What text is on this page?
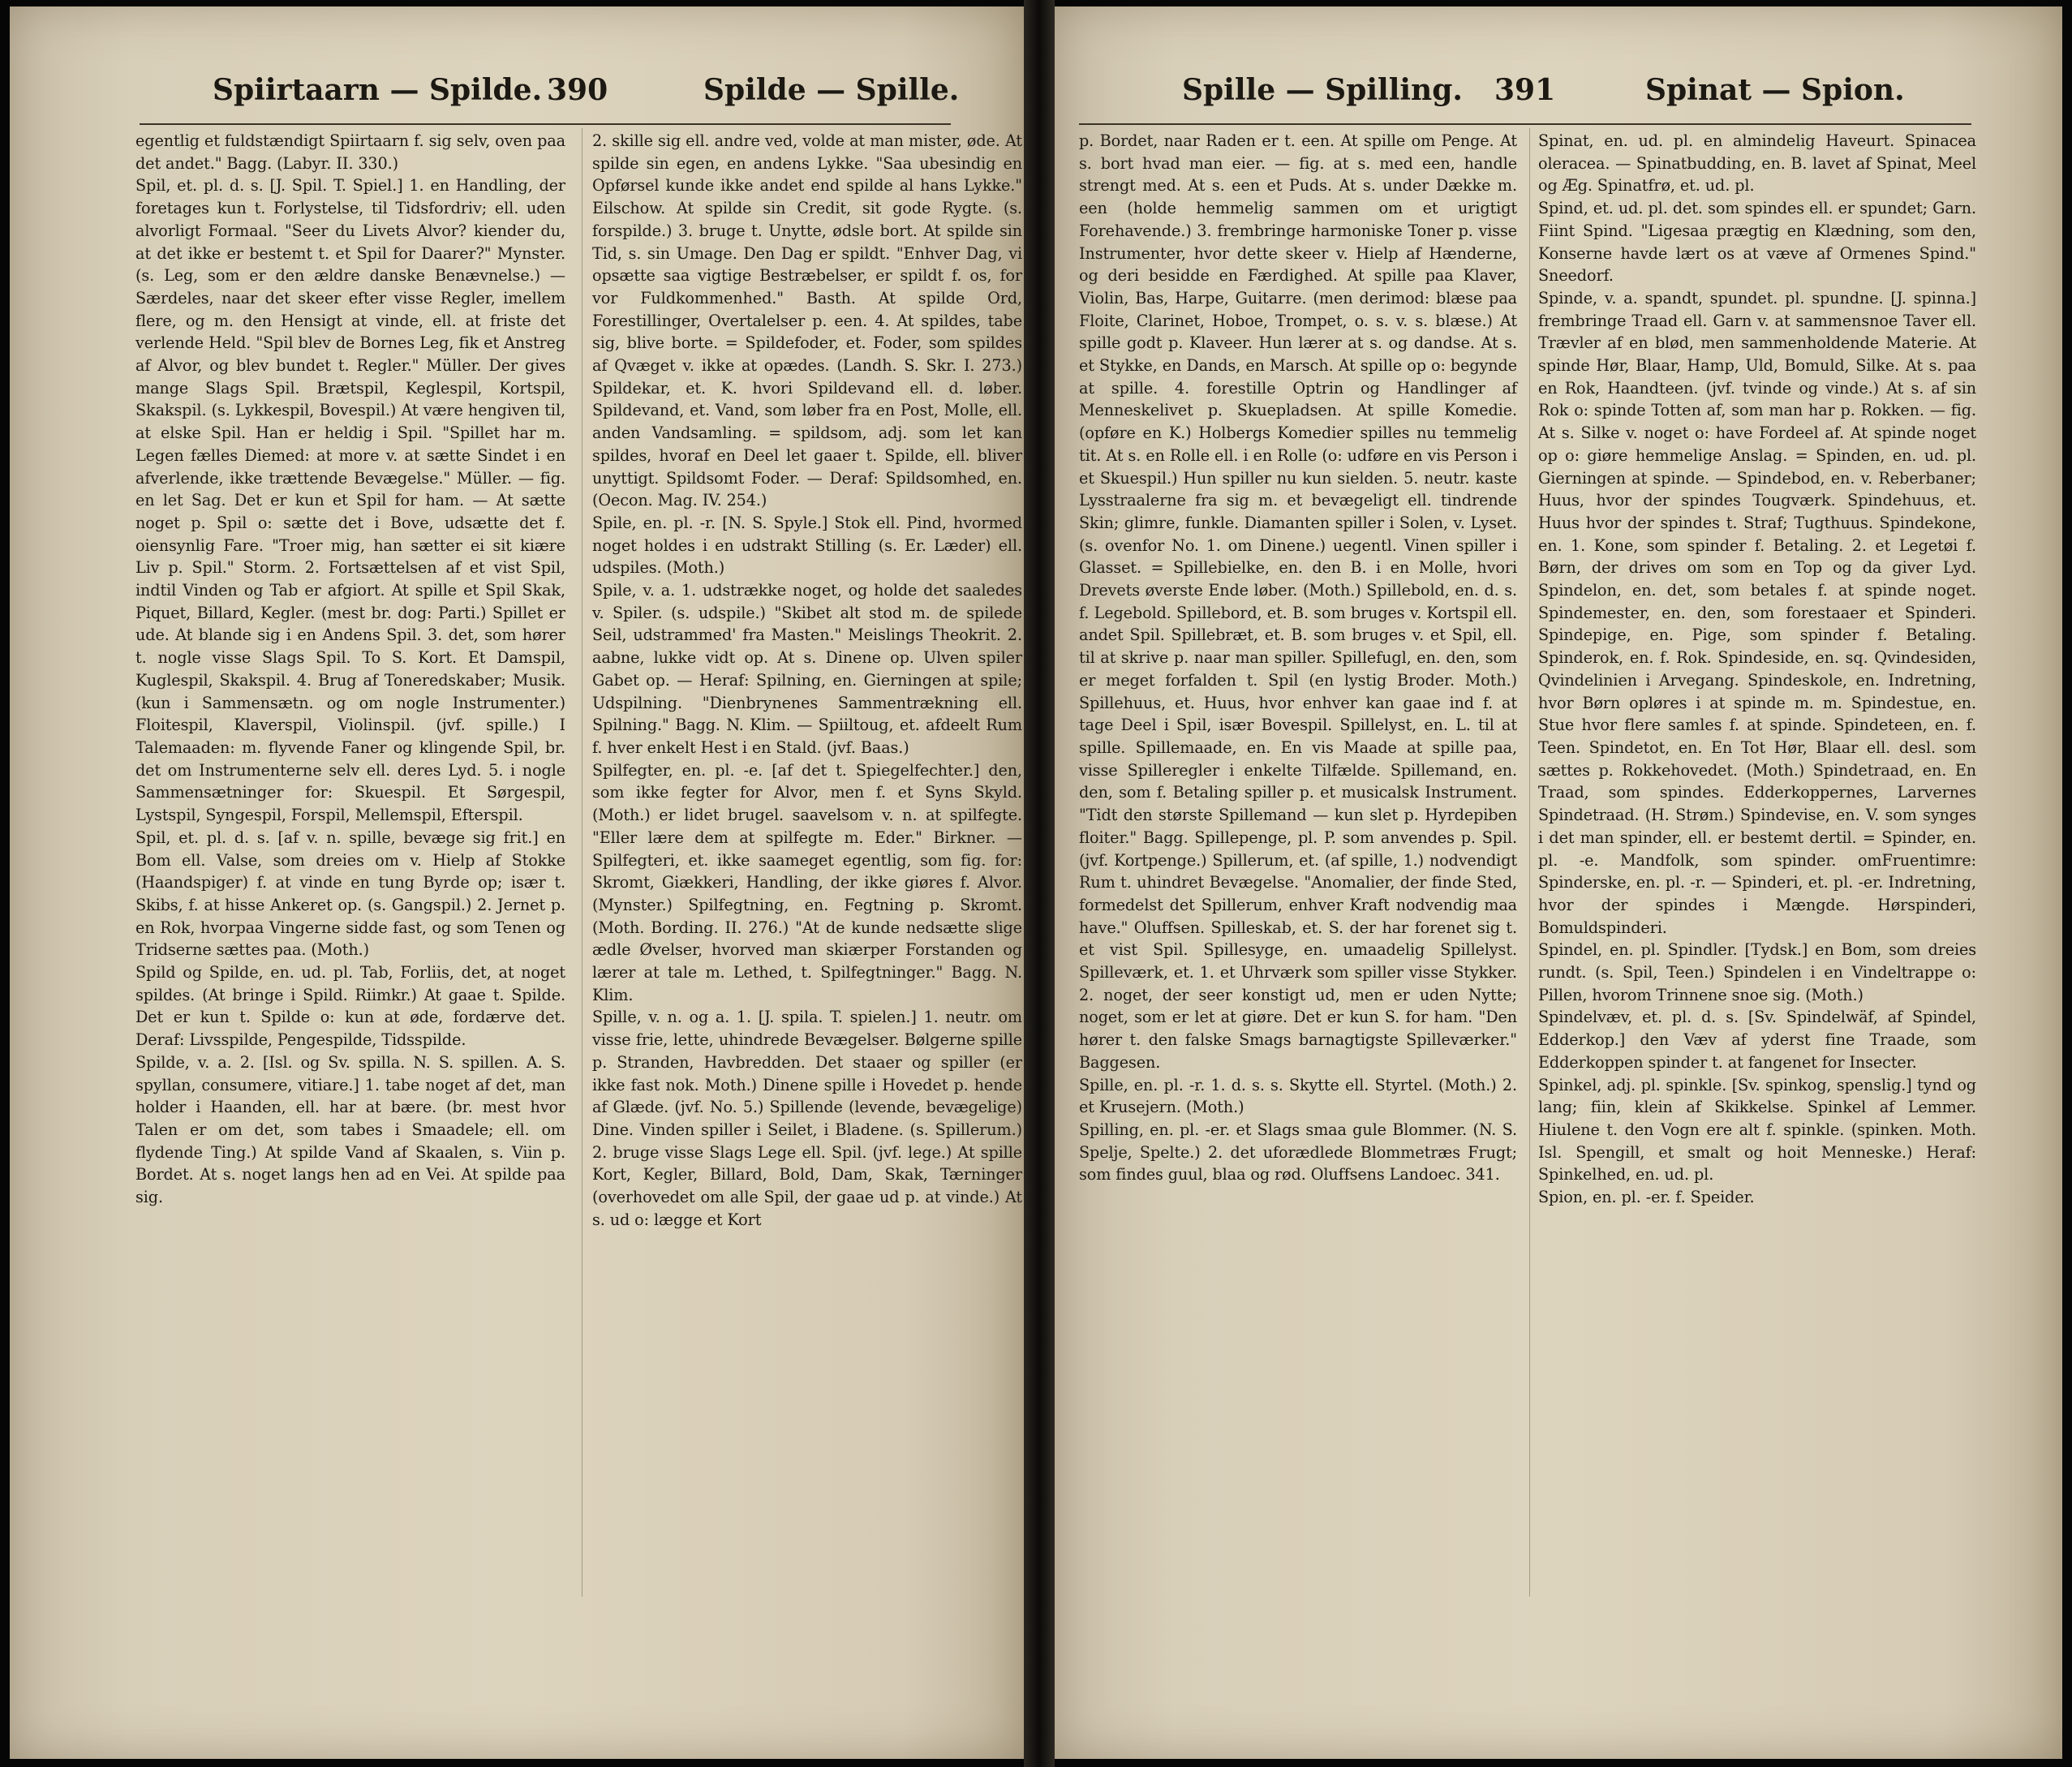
Spiirtaarn — Spilde. 390	Spilde — Spille.
egentlig et fuldstændigt Spiirtaarn f. sig selv, oven paa det andet." Bagg. (Labyr. II. 330.)
Spil, et. pl. d. s. [J. Spil. T. Spiel.] 1. en Handling, der foretages kun t. Forlystelse, til Tidsfordriv; ell. uden alvorligt Formaal. "Seer du Livets Alvor? kiender du, at det ikke er bestemt t. et Spil for Daarer?" Mynster. (s. Leg, som er den ældre danske Benævnelse.) — Særdeles, naar det skeer efter visse Regler, imellem flere, og m. den Hensigt at vinde, ell. at friste det verlende Held. "Spil blev de Bornes Leg, fik et Anstreg af Alvor, og blev bundet t. Regler." Müller. Der gives mange Slags Spil. Brætspil, Keglespil, Kortspil, Skakspil. (s. Lykkespil, Bovespil.) At være hengiven til, at elske Spil. Han er heldig i Spil. "Spillet har m. Legen fælles Diemed: at more v. at sætte Sindet i en afverlende, ikke trættende Bevægelse." Müller. — fig. en let Sag. Det er kun et Spil for ham. — At sætte noget p. Spil o: sætte det i Bove, udsætte det f. oiensynlig Fare. "Troer mig, han sætter ei sit kiære Liv p. Spil." Storm. 2. Fortsættelsen af et vist Spil, indtil Vinden og Tab er afgiort. At spille et Spil Skak, Piquet, Billard, Kegler. (mest br. dog: Parti.) Spillet er ude. At blande sig i en Andens Spil. 3. det, som hører t. nogle visse Slags Spil. To S. Kort. Et Damspil, Kuglespil, Skakspil. 4. Brug af Toneredskaber; Musik. (kun i Sammensætn. og om nogle Instrumenter.) Floitespil, Klaverspil, Violinspil. (jvf. spille.) I Talemaaden: m. flyvende Faner og klingende Spil, br. det om Instrumenterne selv ell. deres Lyd. 5. i nogle Sammensætninger for: Skuespil. Et Sørgespil, Lystspil, Syngespil, Forspil, Mellemspil, Efterspil.
Spil, et. pl. d. s. [af v. n. spille, bevæge sig frit.] en Bom ell. Valse, som dreies om v. Hielp af Stokke (Haandspiger) f. at vinde en tung Byrde op; især t. Skibs, f. at hisse Ankeret op. (s. Gangspil.) 2. Jernet p. en Rok, hvorpaa Vingerne sidde fast, og som Tenen og Tridserne sættes paa. (Moth.)
Spild og Spilde, en. ud. pl. Tab, Forliis, det, at noget spildes. (At bringe i Spild. Riimkr.) At gaae t. Spilde. Det er kun t. Spilde o: kun at øde, fordærve det. Deraf: Livsspilde, Pengespilde, Tidsspilde.
Spilde, v. a. 2. [Isl. og Sv. spilla. N. S. spillen. A. S. spyllan, consumere, vitiare.] 1. tabe noget af det, man holder i Haanden, ell. har at bære. (br. mest hvor Talen er om det, som tabes i Smaadele; ell. om flydende Ting.) At spilde Vand af Skaalen, s. Viin p. Bordet. At s. noget langs hen ad en Vei. At spilde paa sig.
2. skille sig ell. andre ved, volde at man mister, øde. At spilde sin egen, en andens Lykke. "Saa ubesindig en Opførsel kunde ikke andet end spilde al hans Lykke." Eilschow. At spilde sin Credit, sit gode Rygte. (s. forspilde.) 3. bruge t. Unytte, ødsle bort. At spilde sin Tid, s. sin Umage. Den Dag er spildt. "Enhver Dag, vi opsætte saa vigtige Bestræbelser, er spildt f. os, for vor Fuldkommenhed." Basth. At spilde Ord, Forestillinger, Overtalelser p. een. 4. At spildes, tabe sig, blive borte. = Spildefoder, et. Foder, som spildes af Qvæget v. ikke at opædes. (Landh. S. Skr. I. 273.) Spildekar, et. K. hvori Spildevand ell. d. løber. Spildevand, et. Vand, som løber fra en Post, Molle, ell. anden Vandsamling. = spildsom, adj. som let kan spildes, hvoraf en Deel let gaaer t. Spilde, ell. bliver unyttigt. Spildsomt Foder. — Deraf: Spildsomhed, en. (Oecon. Mag. IV. 254.)
Spile, en. pl. -r. [N. S. Spyle.] Stok ell. Pind, hvormed noget holdes i en udstrakt Stilling (s. Er. Læder) ell. udspiles. (Moth.)
Spile, v. a. 1. udstrække noget, og holde det saaledes v. Spiler. (s. udspile.) "Skibet alt stod m. de spilede Seil, udstrammed' fra Masten." Meislings Theokrit. 2. aabne, lukke vidt op. At s. Dinene op. Ulven spiler Gabet op. — Heraf: Spilning, en. Gierningen at spile; Udspilning. "Dienbrynenes Sammentrækning ell. Spilning." Bagg. N. Klim. — Spiiltoug, et. afdeelt Rum f. hver enkelt Hest i en Stald. (jvf. Baas.)
Spilfegter, en. pl. -e. [af det t. Spiegelfechter.] den, som ikke fegter for Alvor, men f. et Syns Skyld. (Moth.) er lidet brugel. saavelsom v. n. at spilfegte. "Eller lære dem at spilfegte m. Eder." Birkner. — Spilfegteri, et. ikke saameget egentlig, som fig. for: Skromt, Giækkeri, Handling, der ikke giøres f. Alvor. (Mynster.) Spilfegtning, en. Fegtning p. Skromt. (Moth. Bording. II. 276.) "At de kunde nedsætte slige ædle Øvelser, hvorved man skiærper Forstanden og lærer at tale m. Lethed, t. Spilfegtninger." Bagg. N. Klim.
Spille, v. n. og a. 1. [J. spila. T. spielen.] 1. neutr. om visse frie, lette, uhindrede Bevægelser. Bølgerne spille p. Stranden, Havbredden. Det staaer og spiller (er ikke fast nok. Moth.) Dinene spille i Hovedet p. hende af Glæde. (jvf. No. 5.) Spillende (levende, bevægelige) Dine. Vinden spiller i Seilet, i Bladene. (s. Spillerum.) 2. bruge visse Slags Lege ell. Spil. (jvf. lege.) At spille Kort, Kegler, Billard, Bold, Dam, Skak, Tærninger (overhovedet om alle Spil, der gaae ud p. at vinde.) At s. ud o: lægge et Kort
Spille — Spilling. 391	Spinat — Spion.
p. Bordet, naar Raden er t. een. At spille om Penge. At s. bort hvad man eier. — fig. at s. med een, handle strengt med. At s. een et Puds. At s. under Dække m. een (holde hemmelig sammen om et urigtigt Forehavende.) 3. frembringe harmoniske Toner p. visse Instrumenter, hvor dette skeer v. Hielp af Hænderne, og deri besidde en Færdighed. At spille paa Klaver, Violin, Bas, Harpe, Guitarre. (men derimod: blæse paa Floite, Clarinet, Hoboe, Trompet, o. s. v. s. blæse.) At spille godt p. Klaveer. Hun lærer at s. og dandse. At s. et Stykke, en Dands, en Marsch. At spille op o: begynde at spille. 4. forestille Optrin og Handlinger af Menneskelivet p. Skuepladsen. At spille Komedie. (opføre en K.) Holbergs Komedier spilles nu temmelig tit. At s. en Rolle ell. i en Rolle (o: udføre en vis Person i et Skuespil.) Hun spiller nu kun sielden. 5. neutr. kaste Lysstraalerne fra sig m. et bevægeligt ell. tindrende Skin; glimre, funkle. Diamanten spiller i Solen, v. Lyset. (s. ovenfor No. 1. om Dinene.) uegentl. Vinen spiller i Glasset. = Spillebielke, en. den B. i en Molle, hvori Drevets øverste Ende løber. (Moth.) Spillebold, en. d. s. f. Legebold. Spillebord, et. B. som bruges v. Kortspil ell. andet Spil. Spillebræt, et. B. som bruges v. et Spil, ell. til at skrive p. naar man spiller. Spillefugl, en. den, som er meget forfalden t. Spil (en lystig Broder. Moth.) Spillehuus, et. Huus, hvor enhver kan gaae ind f. at tage Deel i Spil, især Bovespil. Spillelyst, en. L. til at spille. Spillemaade, en. En vis Maade at spille paa, visse Spilleregler i enkelte Tilfælde. Spillemand, en. den, som f. Betaling spiller p. et musicalsk Instrument. "Tidt den største Spillemand — kun slet p. Hyrdepiben floiter." Bagg. Spillepenge, pl. P. som anvendes p. Spil. (jvf. Kortpenge.) Spillerum, et. (af spille, 1.) nodvendigt Rum t. uhindret Bevægelse. "Anomalier, der finde Sted, formedelst det Spillerum, enhver Kraft nodvendig maa have." Oluffsen. Spilleskab, et. S. der har forenet sig t. et vist Spil. Spillesyge, en. umaadelig Spillelyst. Spilleværk, et. 1. et Uhrværk som spiller visse Stykker. 2. noget, der seer konstigt ud, men er uden Nytte; noget, som er let at giøre. Det er kun S. for ham. "Den hører t. den falske Smags barnagtigste Spilleværker." Baggesen.
Spille, en. pl. -r. 1. d. s. s. Skytte ell. Styrtel. (Moth.) 2. et Krusejern. (Moth.)
Spilling, en. pl. -er. et Slags smaa gule Blommer. (N. S. Spelje, Spelte.) 2. det uforædlede Blommetræs Frugt; som findes guul, blaa og rød. Oluffsens Landoec. 341.
Spinat, en. ud. pl. en almindelig Haveurt. Spinacea oleracea. — Spinatbudding, en. B. lavet af Spinat, Meel og Æg. Spinatfrø, et. ud. pl.
Spind, et. ud. pl. det. som spindes ell. er spundet; Garn. Fiint Spind. "Ligesaa prægtig en Klædning, som den, Konserne havde lært os at væve af Ormenes Spind." Sneedorf.
Spinde, v. a. spandt, spundet. pl. spundne. [J. spinna.] frembringe Traad ell. Garn v. at sammensnoe Taver ell. Trævler af en blød, men sammenholdende Materie. At spinde Hør, Blaar, Hamp, Uld, Bomuld, Silke. At s. paa en Rok, Haandteen. (jvf. tvinde og vinde.) At s. af sin Rok o: spinde Totten af, som man har p. Rokken. — fig. At s. Silke v. noget o: have Fordeel af. At spinde noget op o: giøre hemmelige Anslag. = Spinden, en. ud. pl. Gierningen at spinde. — Spindebod, en. v. Reberbaner; Huus, hvor der spindes Tougværk. Spindehuus, et. Huus hvor der spindes t. Straf; Tugthuus. Spindekone, en. 1. Kone, som spinder f. Betaling. 2. et Legetøi f. Børn, der drives om som en Top og da giver Lyd. Spindelon, en. det, som betales f. at spinde noget. Spindemester, en. den, som forestaaer et Spinderi. Spindepige, en. Pige, som spinder f. Betaling. Spinderok, en. f. Rok. Spindeside, en. sq. Qvindesiden, Qvindelinien i Arvegang. Spindeskole, en. Indretning, hvor Børn opløres i at spinde m. m. Spindestue, en. Stue hvor flere samles f. at spinde. Spindeteen, en. f. Teen. Spindetot, en. En Tot Hør, Blaar ell. desl. som sættes p. Rokkehovedet. (Moth.) Spindetraad, en. En Traad, som spindes. Edderkoppernes, Larvernes Spindetraad. (H. Strøm.) Spindevise, en. V. som synges i det man spinder, ell. er bestemt dertil. = Spinder, en. pl. -e. Mandfolk, som spinder. omFruentimre: Spinderske, en. pl. -r. — Spinderi, et. pl. -er. Indretning, hvor der spindes i Mængde. Hørspinderi, Bomuldspinderi.
Spindel, en. pl. Spindler. [Tydsk.] en Bom, som dreies rundt. (s. Spil, Teen.) Spindelen i en Vindeltrappe o: Pillen, hvorom Trinnene snoe sig. (Moth.)
Spindelvæv, et. pl. d. s. [Sv. Spindelwäf, af Spindel, Edderkop.] den Væv af yderst fine Traade, som Edderkoppen spinder t. at fangenet for Insecter.
Spinkel, adj. pl. spinkle. [Sv. spinkog, spenslig.] tynd og lang; fiin, klein af Skikkelse. Spinkel af Lemmer. Hiulene t. den Vogn ere alt f. spinkle. (spinken. Moth. Isl. Spengill, et smalt og hoit Menneske.) Heraf: Spinkelhed, en. ud. pl.
Spion, en. pl. -er. f. Speider.
